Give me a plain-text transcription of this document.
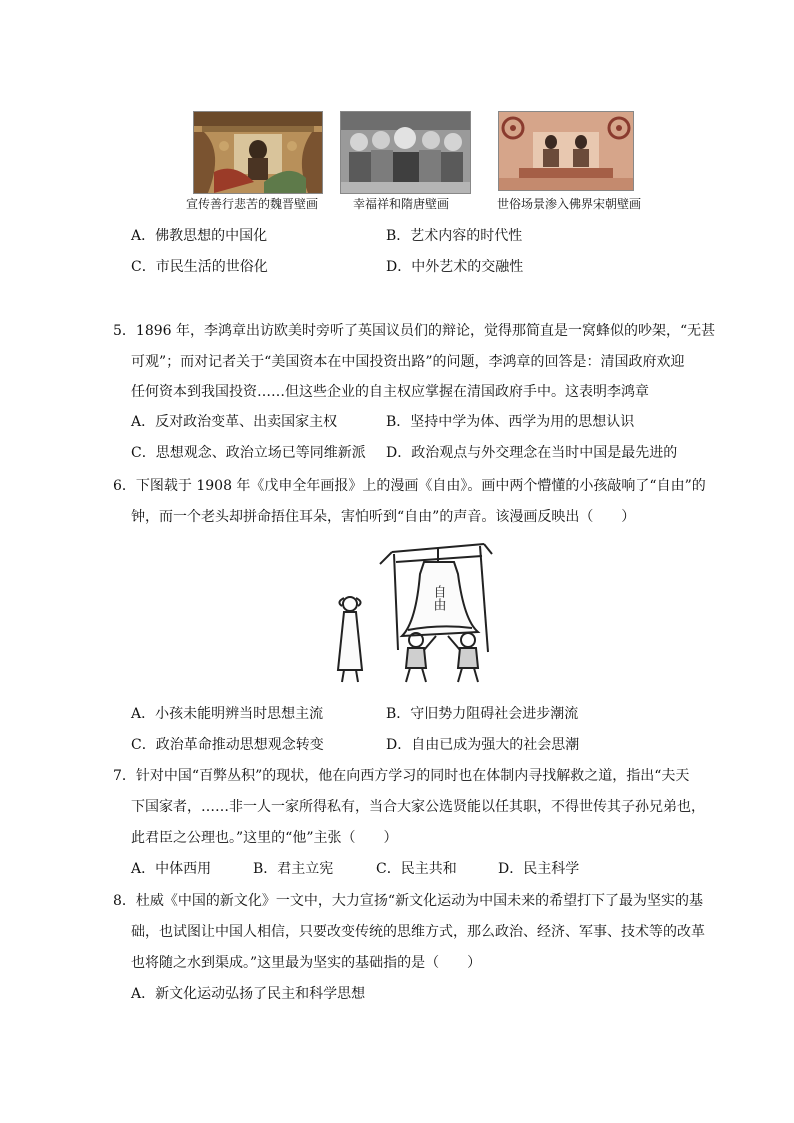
宣传善行悲苦的魏晋壁画	幸福祥和隋唐壁画	世俗场景渗入佛界宋朝壁画
A．佛教思想的中国化	B．艺术内容的时代性
C．市民生活的世俗化	D．中外艺术的交融性
5．1896 年，李鸿章出访欧美时旁听了英国议员们的辩论，觉得那简直是一窝蜂似的吵架，“无甚
可观”；而对记者关于“美国资本在中国投资出路”的问题，李鸿章的回答是：清国政府欢迎
任何资本到我国投资……但这些企业的自主权应掌握在清国政府手中。这表明李鸿章
A．反对政治变革、出卖国家主权	B．坚持中学为体、西学为用的思想认识
C．思想观念、政治立场已等同维新派 D．政治观点与外交理念在当时中国是最先进的
6．下图载于 1908 年《戊申全年画报》上的漫画《自由》。画中两个懵懂的小孩敲响了“自由”的
钟，而一个老头却拼命捂住耳朵，害怕听到“自由”的声音。该漫画反映出（　　）
自由
A．小孩未能明辨当时思想主流	B．守旧势力阻碍社会进步潮流
C．政治革命推动思想观念转变	D．自由已成为强大的社会思潮
7．针对中国“百弊丛积”的现状，他在向西方学习的同时也在体制内寻找解救之道，指出“夫天
下国家者，……非一人一家所得私有，当合大家公选贤能以任其职，不得世传其子孙兄弟也，
此君臣之公理也。”这里的“他”主张（　　）
A．中体西用	B．君主立宪	C．民主共和	D．民主科学
8．杜威《中国的新文化》一文中，大力宣扬“新文化运动为中国未来的希望打下了最为坚实的基
础，也试图让中国人相信，只要改变传统的思维方式，那么政治、经济、军事、技术等的改革
也将随之水到渠成。”这里最为坚实的基础指的是（　　）
A．新文化运动弘扬了民主和科学思想
